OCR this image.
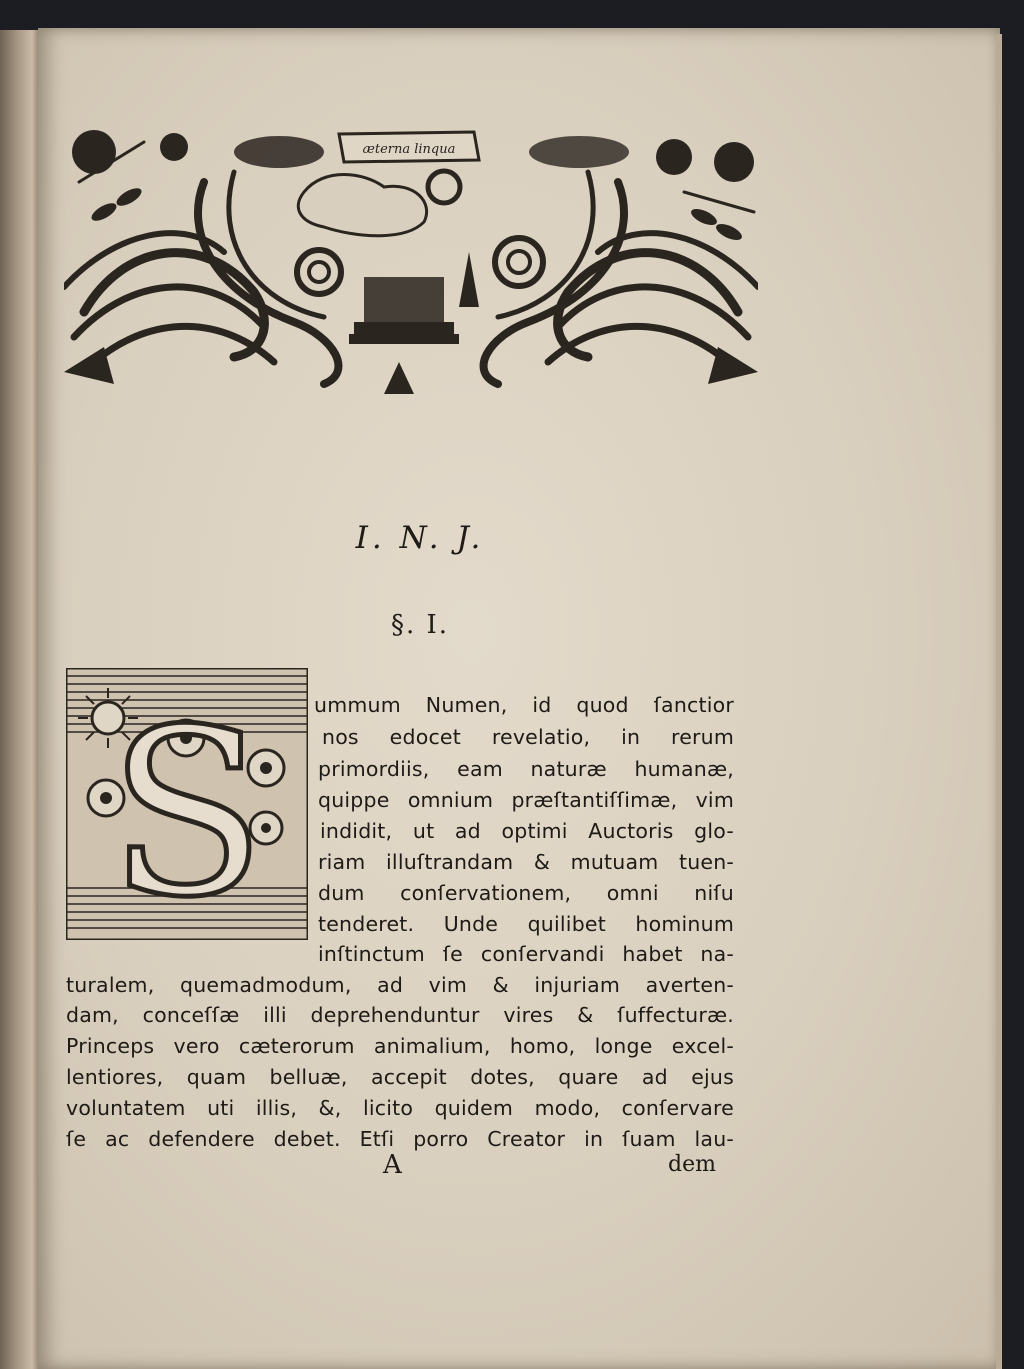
æterna linqua
I. N. J.
§. I.
S ummum Numen, id quod ſanctior
nos edocet revelatio, in rerum
primordiis, eam naturæ humanæ,
quippe omnium præſtantiſſimæ, vim
indidit, ut ad optimi Auctoris glo-
riam illuſtrandam & mutuam tuen-
dum conſervationem, omni niſu
tenderet. Unde quilibet hominum
inſtinctum ſe conſervandi habet na-
turalem, quemadmodum, ad vim & injuriam averten-
dam, conceſſæ illi deprehenduntur vires & ſuffecturæ.
Princeps vero cæterorum animalium, homo, longe excel-
lentiores, quam belluæ, accepit dotes, quare ad ejus
voluntatem uti illis, &, licito quidem modo, conſervare
ſe ac defendere debet. Etſi porro Creator in ſuam lau-
A	dem
